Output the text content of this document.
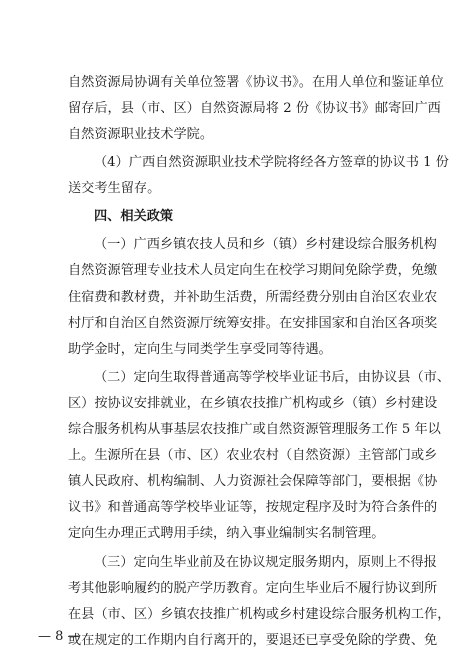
自然资源局协调有关单位签署《协议书》。在用人单位和鉴证单位
留存后，县（市、区）自然资源局将 2 份《协议书》邮寄回广西
自然资源职业技术学院。
（4）广西自然资源职业技术学院将经各方签章的协议书 1 份
送交考生留存。
四、相关政策
（一）广西乡镇农技人员和乡（镇）乡村建设综合服务机构
自然资源管理专业技术人员定向生在校学习期间免除学费，免缴
住宿费和教材费，并补助生活费，所需经费分别由自治区农业农
村厅和自治区自然资源厅统筹安排。在安排国家和自治区各项奖
助学金时，定向生与同类学生享受同等待遇。
（二）定向生取得普通高等学校毕业证书后，由协议县（市、
区）按协议安排就业，在乡镇农技推广机构或乡（镇）乡村建设
综合服务机构从事基层农技推广或自然资源管理服务工作 5 年以
上。生源所在县（市、区）农业农村（自然资源）主管部门或乡
镇人民政府、机构编制、人力资源社会保障等部门，要根据《协
议书》和普通高等学校毕业证等，按规定程序及时为符合条件的
定向生办理正式聘用手续，纳入事业编制实名制管理。
（三）定向生毕业前及在协议规定服务期内，原则上不得报
考其他影响履约的脱产学历教育。定向生毕业后不履行协议到所
在县（市、区）乡镇农技推广机构或乡村建设综合服务机构工作，
或在规定的工作期内自行离开的，要退还已享受免除的学费、免
— 8 —
